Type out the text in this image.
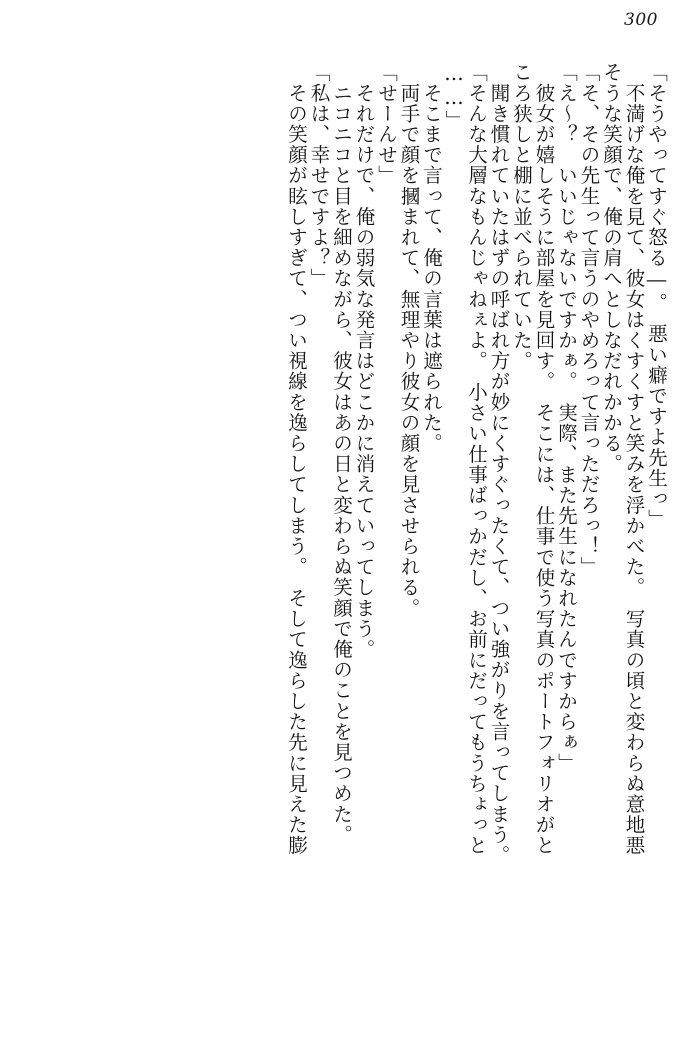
300
「そうやってすぐ怒る―。　悪い癖ですよ先生っ」
　不満げな俺を見て、彼女はくすくすと笑みを浮かべた。　写真の頃と変わらぬ意地悪
そうな笑顔で、俺の肩へとしなだれかかる。
「そ、その先生って言うのやめろって言っただろっ！」
「え～？　いいじゃないですかぁ。　実際、また先生になれたんですからぁ」
　彼女が嬉しそうに部屋を見回す。　そこには、仕事で使う写真のポートフォリオがと
ころ狭しと棚に並べられていた。
　聞き慣れていたはずの呼ばれ方が妙にくすぐったくて、つい強がりを言ってしまう。
「そんな大層なもんじゃねぇよ。　小さい仕事ばっかだし、お前にだってもうちょっと
……」
　そこまで言って、俺の言葉は遮られた。
　両手で顔を摑まれて、無理やり彼女の顔を見させられる。
「せーんせ」
　それだけで、俺の弱気な発言はどこかに消えていってしまう。
　ニコニコと目を細めながら、彼女はあの日と変わらぬ笑顔で俺のことを見つめた。
「私は、幸せですよ？」
　その笑顔が眩しすぎて、つい視線を逸らしてしまう。　そして逸らした先に見えた膨
